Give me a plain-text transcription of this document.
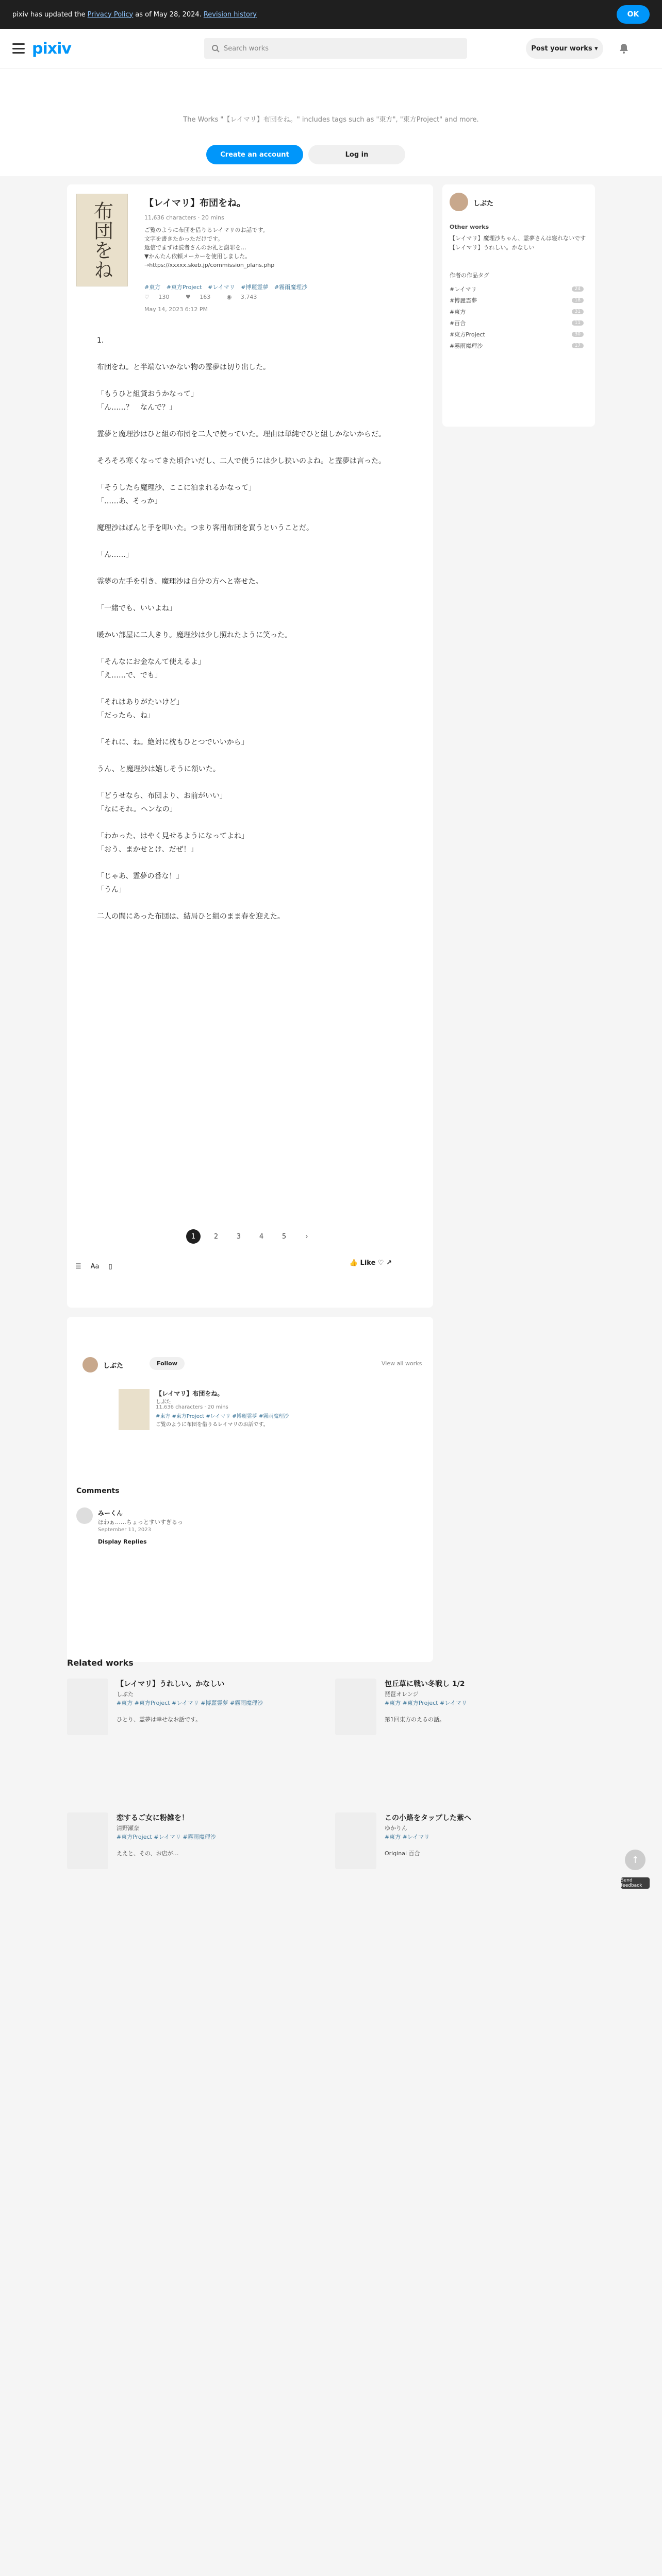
pixiv has updated the Privacy Policy as of May 28, 2024. Revision history	OK
pixiv	Search works	Post your works ▾
The Works "【レイマリ】布団をね。" includes tags such as "東方", "東方Project" and more.
Create an account	Log in
布団をね	【レイマリ】布団をね。
11,636 characters · 20 mins
ご覧のように布団を借りるレイマリのお話です。
文字を書きたかっただけです。
返信でまずは読者さんのお礼と謝罪を…
▼かんたん依頼メーカーを使用しました。
→https://xxxxx.skeb.jp/commission_plans.php
#東方 #東方Project #レイマリ #博麗霊夢 #霧雨魔理沙
♡ 130	♥ 163	◉ 3,743
May 14, 2023 6:12 PM

1.

布団をね。と半端ないかない物の霊夢は切り出した。

「もうひと組貸おうかなって」
「ん……？　なんで？」

霊夢と魔理沙はひと組の布団を二人で使っていた。理由は単純でひと組しかないからだ。

そろそろ寒くなってきた頃合いだし、二人で使うには少し狭いのよね。と霊夢は言った。

「そうしたら魔理沙、ここに泊まれるかなって」
「……あ、そっか」

魔理沙はぽんと手を叩いた。つまり客用布団を買うということだ。

「ん……」

霊夢の左手を引き、魔理沙は自分の方へと寄せた。

「一緒でも、いいよね」

暖かい部屋に二人きり。魔理沙は少し照れたように笑った。

「そんなにお金なんて使えるよ」
「え……で、でも」

「それはありがたいけど」
「だったら、ね」

「それに、ね。絶対に枕もひとつでいいから」

うん、と魔理沙は嬉しそうに頷いた。

「どうせなら、布団より、お前がいい」
「なにそれ。ヘンなの」

「わかった、はやく見せるようになってよね」
「おう、まかせとけ、だぜ！」

「じゃあ、霊夢の番な！」
「うん」

二人の間にあった布団は、結局ひと組のまま春を迎えた。

1	2	3	4	5	›
☰ Aa ▯	👍 Like ♡ ↗
しぶた
Other works
【レイマリ】魔理沙ちゃん、霊夢さんは寝れないです
【レイマリ】うれしい。かなしい
作者の作品タグ
#レイマリ	24
#博麗霊夢	18
#東方	31
#百合	11
#東方Project	30
#霧雨魔理沙	17
しぶた	Follow	View all works
【レイマリ】布団をね。
しぶた
11,636 characters · 20 mins
#東方 #東方Project #レイマリ #博麗霊夢 #霧雨魔理沙
ご覧のように布団を借りるレイマリのお話です。
Comments
みーくん
ほわぁ……ちょっとすいすぎるっ
September 11, 2023
Display Replies
Related works
【レイマリ】うれしい。かなしい
しぶた
#東方 #東方Project #レイマリ #博麗霊夢 #霧雨魔理沙
ひとり、霊夢は幸せなお話です。
包丘草に戦い冬戦し 1/2
琵琶オレンジ
#東方 #東方Project #レイマリ
第1回東方のえるの話。
恋するご女に粉雑を！
清野瀬奈
#東方Project #レイマリ #霧雨魔理沙
ええと、その、お店が…
この小路をタップした紫へ
ゆかりん
#東方 #レイマリ
Original 百合
↑
Send feedback
